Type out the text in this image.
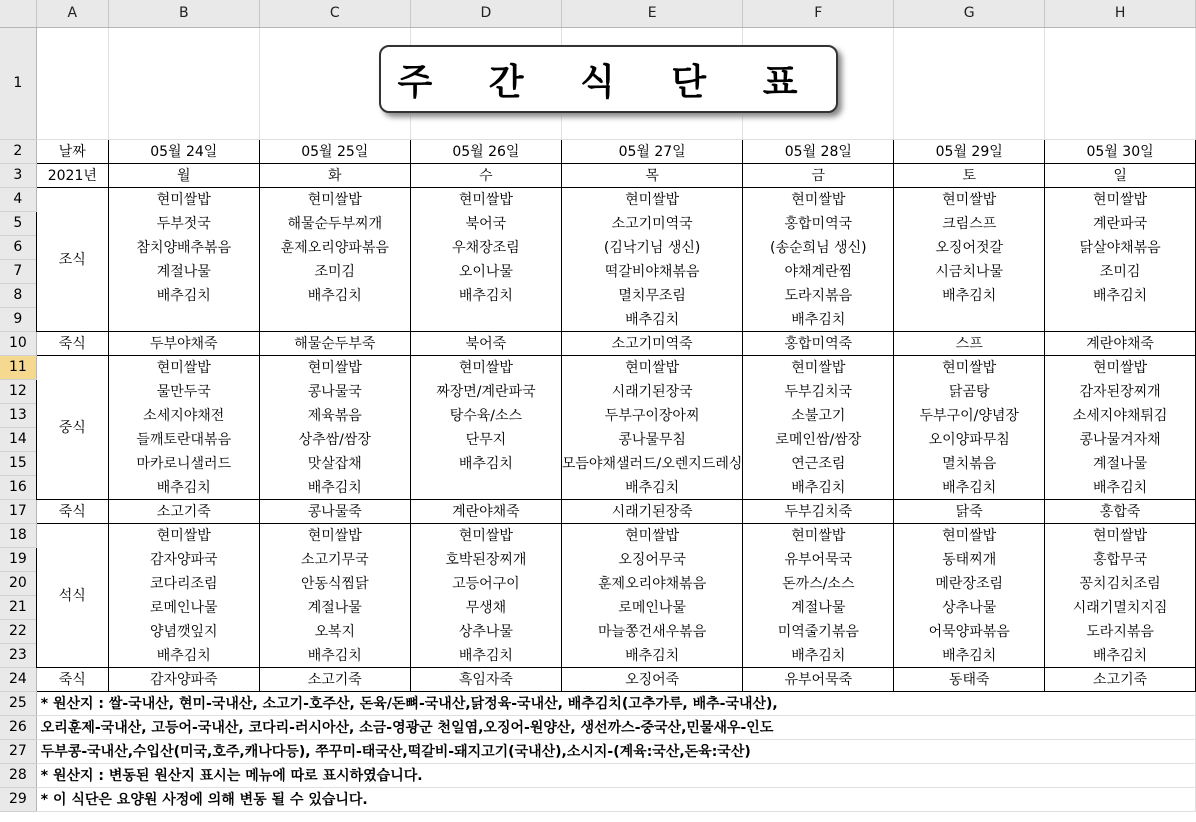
	A	B	C	D	E	F	G	H
1								
2	날짜	05월 24일	05월 25일	05월 26일	05월 27일	05월 28일	05월 29일	05월 30일
3	2021년	월	화	수	목	금	토	일
4	조식	현미쌀밥	현미쌀밥	현미쌀밥	현미쌀밥	현미쌀밥	현미쌀밥	현미쌀밥
5		두부젓국	해물순두부찌개	북어국	소고기미역국	홍합미역국	크림스프	계란파국
6		참치양배추볶음	훈제오리양파볶음	우채장조림	(김낙기님 생신)	(송순희님 생신)	오징어젓갈	닭살야채볶음
7		계절나물	조미김	오이나물	떡갈비야채볶음	야채계란찜	시금치나물	조미김
8		배추김치	배추김치	배추김치	멸치무조림	도라지볶음	배추김치	배추김치
9					배추김치	배추김치		
10	죽식	두부야채죽	해물순두부죽	북어죽	소고기미역죽	홍합미역죽	스프	계란야채죽
11	중식	현미쌀밥	현미쌀밥	현미쌀밥	현미쌀밥	현미쌀밥	현미쌀밥	현미쌀밥
12		물만두국	콩나물국	짜장면/계란파국	시래기된장국	두부김치국	닭곰탕	감자된장찌개
13		소세지야채전	제육볶음	탕수육/소스	두부구이장아찌	소불고기	두부구이/양념장	소세지야채튀김
14		들깨토란대볶음	상추쌈/쌈장	단무지	콩나물무침	로메인쌈/쌈장	오이양파무침	콩나물겨자채
15		마카로니샐러드	맛살잡채	배추김치	모듬야채샐러드/오렌지드레싱	연근조림	멸치볶음	계절나물
16		배추김치	배추김치		배추김치	배추김치	배추김치	배추김치
17	죽식	소고기죽	콩나물죽	계란야채죽	시래기된장죽	두부김치죽	닭죽	홍합죽
18	석식	현미쌀밥	현미쌀밥	현미쌀밥	현미쌀밥	현미쌀밥	현미쌀밥	현미쌀밥
19		감자양파국	소고기무국	호박된장찌개	오징어무국	유부어묵국	동태찌개	홍합무국
20		코다리조림	안동식찜닭	고등어구이	훈제오리야채볶음	돈까스/소스	메란장조림	꽁치김치조림
21		로메인나물	계절나물	무생채	로메인나물	계절나물	상추나물	시래기멸치지짐
22		양념깻잎지	오복지	상추나물	마늘쫑건새우볶음	미역줄기볶음	어묵양파볶음	도라지볶음
23		배추김치	배추김치	배추김치	배추김치	배추김치	배추김치	배추김치
24	죽식	감자양파죽	소고기죽	흑임자죽	오징어죽	유부어묵죽	동태죽	소고기죽
25	* 원산지 : 쌀-국내산, 현미-국내산, 소고기-호주산, 돈육/돈뼈-국내산,닭정육-국내산, 배추김치(고추가루, 배추-국내산),							
26	오리훈제-국내산, 고등어-국내산, 코다리-러시아산, 소금-영광군 천일염,오징어-원양산, 생선까스-중국산,민물새우-인도							
27	두부콩-국내산,수입산(미국,호주,캐나다등), 쭈꾸미-태국산,떡갈비-돼지고기(국내산),소시지-(계육:국산,돈육:국산)							
28	* 원산지 : 변동된 원산지 표시는 메뉴에 따로 표시하였습니다.							
29	* 이 식단은 요양원 사정에 의해 변동 될 수 있습니다.							
주 간 식 단 표
